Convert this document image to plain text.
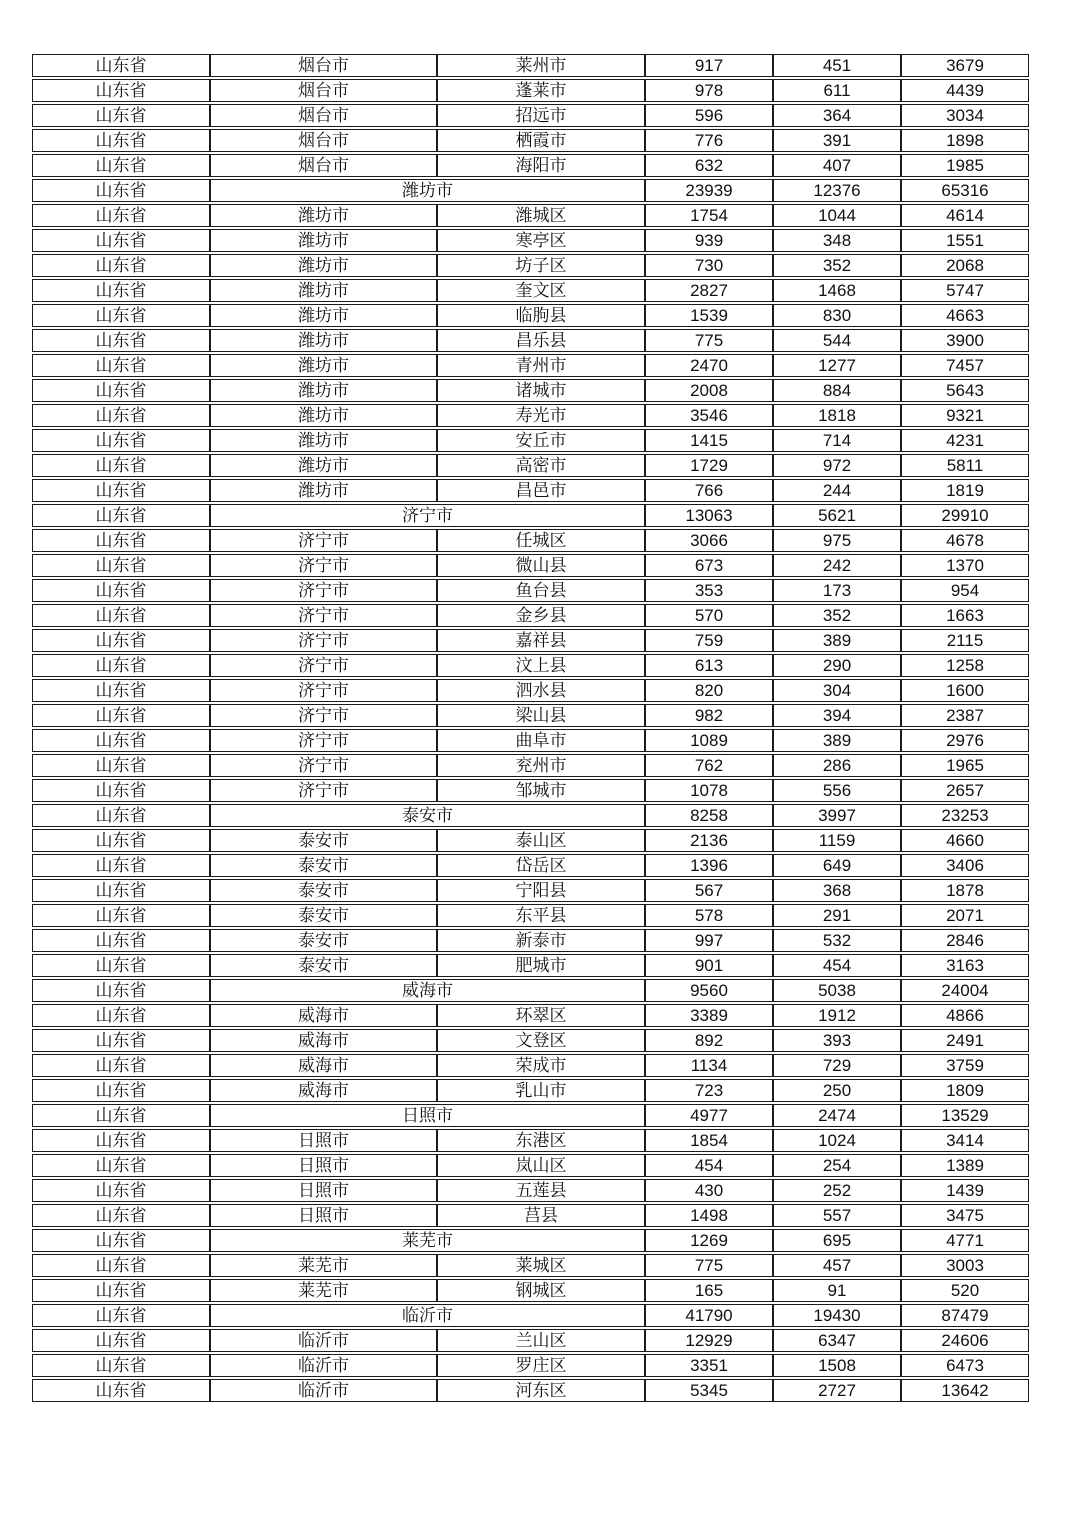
山东省	烟台市	莱州市	917	451	3679
山东省	烟台市	蓬莱市	978	611	4439
山东省	烟台市	招远市	596	364	3034
山东省	烟台市	栖霞市	776	391	1898
山东省	烟台市	海阳市	632	407	1985
山东省	潍坊市		23939	12376	65316
山东省	潍坊市	潍城区	1754	1044	4614
山东省	潍坊市	寒亭区	939	348	1551
山东省	潍坊市	坊子区	730	352	2068
山东省	潍坊市	奎文区	2827	1468	5747
山东省	潍坊市	临朐县	1539	830	4663
山东省	潍坊市	昌乐县	775	544	3900
山东省	潍坊市	青州市	2470	1277	7457
山东省	潍坊市	诸城市	2008	884	5643
山东省	潍坊市	寿光市	3546	1818	9321
山东省	潍坊市	安丘市	1415	714	4231
山东省	潍坊市	高密市	1729	972	5811
山东省	潍坊市	昌邑市	766	244	1819
山东省	济宁市		13063	5621	29910
山东省	济宁市	任城区	3066	975	4678
山东省	济宁市	微山县	673	242	1370
山东省	济宁市	鱼台县	353	173	954
山东省	济宁市	金乡县	570	352	1663
山东省	济宁市	嘉祥县	759	389	2115
山东省	济宁市	汶上县	613	290	1258
山东省	济宁市	泗水县	820	304	1600
山东省	济宁市	梁山县	982	394	2387
山东省	济宁市	曲阜市	1089	389	2976
山东省	济宁市	兖州市	762	286	1965
山东省	济宁市	邹城市	1078	556	2657
山东省	泰安市		8258	3997	23253
山东省	泰安市	泰山区	2136	1159	4660
山东省	泰安市	岱岳区	1396	649	3406
山东省	泰安市	宁阳县	567	368	1878
山东省	泰安市	东平县	578	291	2071
山东省	泰安市	新泰市	997	532	2846
山东省	泰安市	肥城市	901	454	3163
山东省	威海市		9560	5038	24004
山东省	威海市	环翠区	3389	1912	4866
山东省	威海市	文登区	892	393	2491
山东省	威海市	荣成市	1134	729	3759
山东省	威海市	乳山市	723	250	1809
山东省	日照市		4977	2474	13529
山东省	日照市	东港区	1854	1024	3414
山东省	日照市	岚山区	454	254	1389
山东省	日照市	五莲县	430	252	1439
山东省	日照市	莒县	1498	557	3475
山东省	莱芜市		1269	695	4771
山东省	莱芜市	莱城区	775	457	3003
山东省	莱芜市	钢城区	165	91	520
山东省	临沂市		41790	19430	87479
山东省	临沂市	兰山区	12929	6347	24606
山东省	临沂市	罗庄区	3351	1508	6473
山东省	临沂市	河东区	5345	2727	13642
